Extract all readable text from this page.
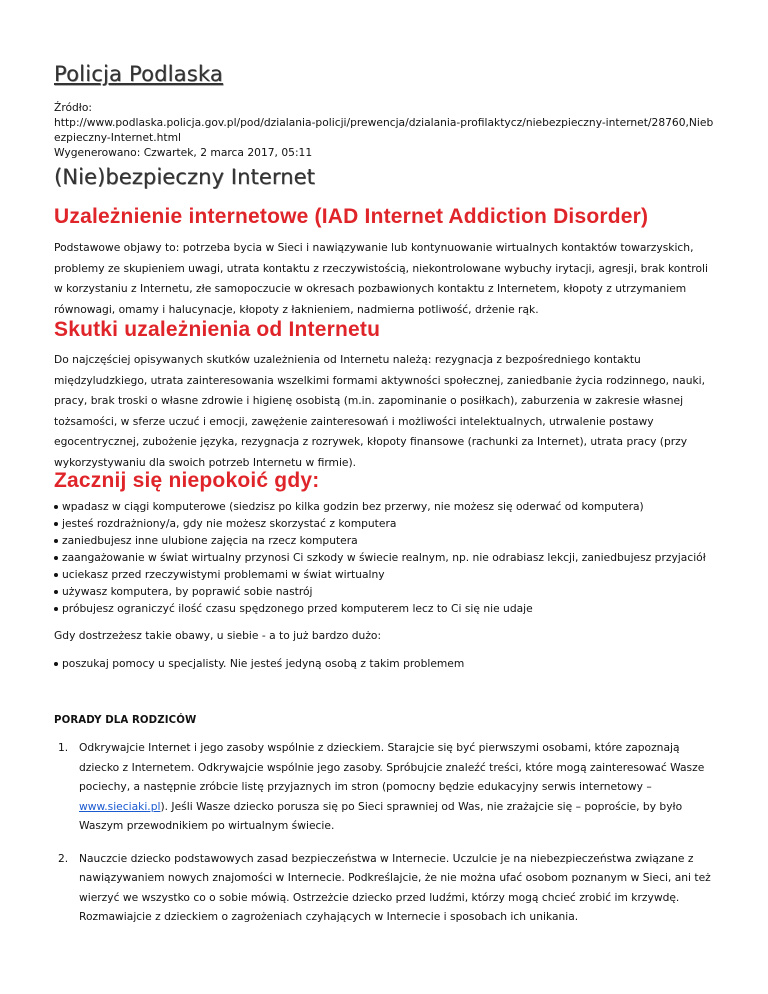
Policja Podlaska
Źródło:
http://www.podlaska.policja.gov.pl/pod/dzialania-policji/prewencja/dzialania-profilaktycz/niebezpieczny-internet/28760,Niebezpieczny-Internet.html
Wygenerowano: Czwartek, 2 marca 2017, 05:11
(Nie)bezpieczny Internet
Uzależnienie internetowe (IAD Internet Addiction Disorder)

Podstawowe objawy to: potrzeba bycia w Sieci i nawiązywanie lub kontynuowanie wirtualnych kontaktów towarzyskich, problemy ze skupieniem uwagi, utrata kontaktu z rzeczywistością, niekontrolowane wybuchy irytacji, agresji, brak kontroli w korzystaniu z Internetu, złe samopoczucie w okresach pozbawionych kontaktu z Internetem, kłopoty z utrzymaniem równowagi, omamy i halucynacje, kłopoty z łaknieniem, nadmierna potliwość, drżenie rąk.

Skutki uzależnienia od Internetu

Do najczęściej opisywanych skutków uzależnienia od Internetu należą: rezygnacja z bezpośredniego kontaktu międzyludzkiego, utrata zainteresowania wszelkimi formami aktywności społecznej, zaniedbanie życia rodzinnego, nauki, pracy, brak troski o własne zdrowie i higienę osobistą (m.in. zapominanie o posiłkach), zaburzenia w zakresie własnej tożsamości, w sferze uczuć i emocji, zawężenie zainteresowań i możliwości intelektualnych, utrwalenie postawy egocentrycznej, zubożenie języka, rezygnacja z rozrywek, kłopoty finansowe (rachunki za Internet), utrata pracy (przy wykorzystywaniu dla swoich potrzeb Internetu w firmie).

Zacznij się niepokoić gdy:
wpadasz w ciągi komputerowe (siedzisz po kilka godzin bez przerwy, nie możesz się oderwać od komputera)
jesteś rozdrażniony/a, gdy nie możesz skorzystać z komputera
zaniedbujesz inne ulubione zajęcia na rzecz komputera
zaangażowanie w świat wirtualny przynosi Ci szkody w świecie realnym, np. nie odrabiasz lekcji, zaniedbujesz przyjaciół
uciekasz przed rzeczywistymi problemami w świat wirtualny
używasz komputera, by poprawić sobie nastrój
próbujesz ograniczyć ilość czasu spędzonego przed komputerem lecz to Ci się nie udaje

Gdy dostrzeżesz takie obawy, u siebie - a to już bardzo dużo:

poszukaj pomocy u specjalisty. Nie jesteś jedyną osobą z takim problemem
PORADY DLA RODZICÓW
1. Odkrywajcie Internet i jego zasoby wspólnie z dzieckiem. Starajcie się być pierwszymi osobami, które zapoznają dziecko z Internetem. Odkrywajcie wspólnie jego zasoby. Spróbujcie znaleźć treści, które mogą zainteresować Wasze pociechy, a następnie zróbcie listę przyjaznych im stron (pomocny będzie edukacyjny serwis internetowy – www.sieciaki.pl). Jeśli Wasze dziecko porusza się po Sieci sprawniej od Was, nie zrażajcie się – poproście, by było Waszym przewodnikiem po wirtualnym świecie.
2. Nauczcie dziecko podstawowych zasad bezpieczeństwa w Internecie. Uczulcie je na niebezpieczeństwa związane z nawiązywaniem nowych znajomości w Internecie. Podkreślajcie, że nie można ufać osobom poznanym w Sieci, ani też wierzyć we wszystko co o sobie mówią. Ostrzeżcie dziecko przed ludźmi, którzy mogą chcieć zrobić im krzywdę. Rozmawiajcie z dzieckiem o zagrożeniach czyhających w Internecie i sposobach ich unikania.
